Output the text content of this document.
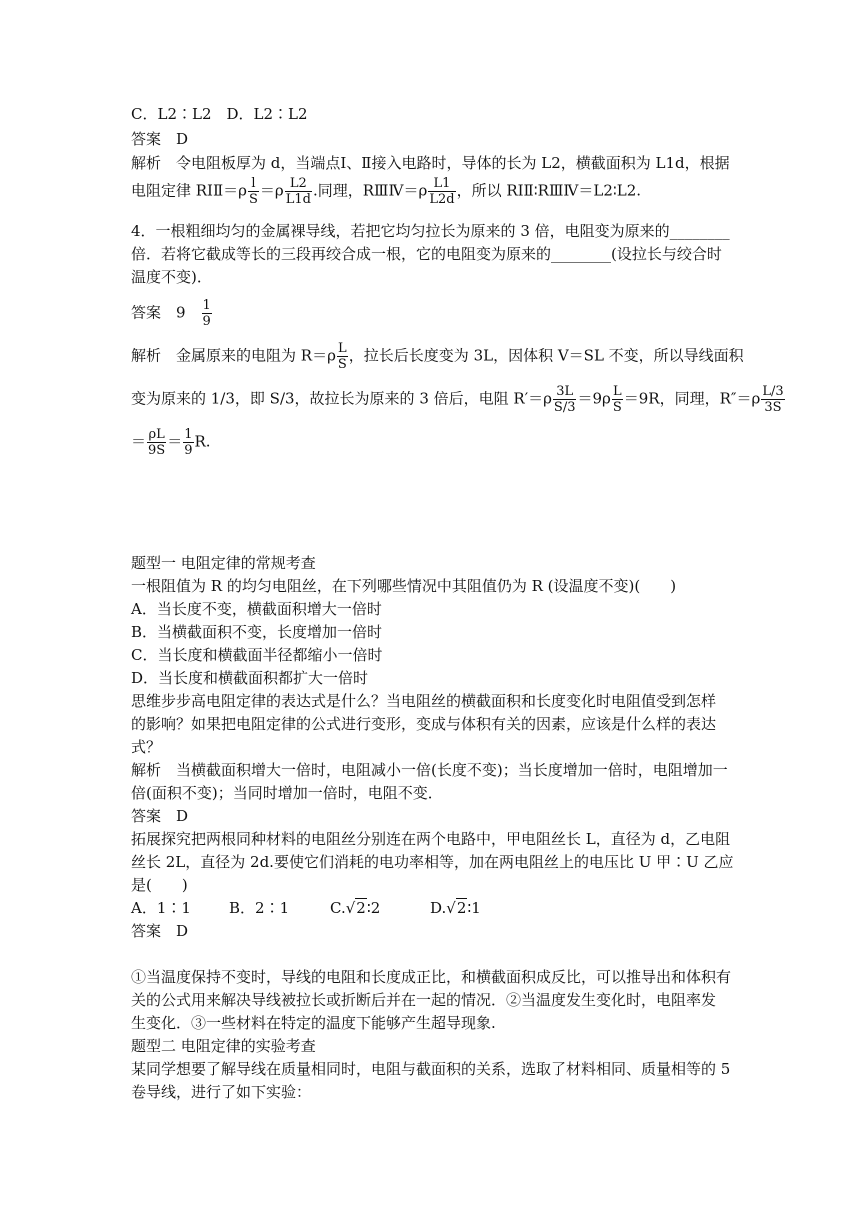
C．L2∶L2　D．L2∶L2
答案　D
解析　令电阻板厚为 d，当端点Ⅰ、Ⅱ接入电路时，导体的长为 L2，横截面积为 L1d，根据
电阻定律 RⅠⅡ＝ρ $\frac{l}{S} =\rho \frac{L2}{L1d}$ .同理，RⅢⅣ＝ρ $\frac{L1}{L2d}$ ，所以 RⅠⅡ∶RⅢⅣ＝L2∶L2.
4．一根粗细均匀的金属裸导线，若把它均匀拉长为原来的 3 倍，电阻变为原来的________
倍．若将它截成等长的三段再绞合成一根，它的电阻变为原来的________(设拉长与绞合时
温度不变)．
答案　9　 $\frac{1}{9}$
解析　金属原来的电阻为 $R=\rho \frac{L}{S}$ ，拉长后长度变为 3L，因体积 V＝SL 不变，所以导线面积
变为原来的 1/3，即 S/3，故拉长为原来的 3 倍后，电阻 $R'=\rho \frac{3L}{S/3} =9\rho \frac{L}{S} =9R$，同理，$R''=\rho \frac{L/3}{3S}$
＝ $\frac{\rho L}{9S} = \frac{1}{9} R$.
题型一 电阻定律的常规考查
一根阻值为 R 的均匀电阻丝，在下列哪些情况中其阻值仍为 R (设温度不变)(　　)
A．当长度不变，横截面积增大一倍时
B．当横截面积不变，长度增加一倍时
C．当长度和横截面半径都缩小一倍时
D．当长度和横截面积都扩大一倍时
思维步步高电阻定律的表达式是什么？当电阻丝的横截面积和长度变化时电阻值受到怎样
的影响？如果把电阻定律的公式进行变形，变成与体积有关的因素，应该是什么样的表达
式？
解析　当横截面积增大一倍时，电阻减小一倍(长度不变)；当长度增加一倍时，电阻增加一
倍(面积不变)；当同时增加一倍时，电阻不变．
答案　D
拓展探究把两根同种材料的电阻丝分别连在两个电路中，甲电阻丝长 L，直径为 d，乙电阻
丝长 2L，直径为 2d.要使它们消耗的电功率相等，加在两电阻丝上的电压比 U 甲∶U 乙应
是(　　)
A．1∶1	B．2∶1	C.√2∶2	D.√2∶1
答案　D
①当温度保持不变时，导线的电阻和长度成正比，和横截面积成反比，可以推导出和体积有
关的公式用来解决导线被拉长或折断后并在一起的情况．②当温度发生变化时，电阻率发
生变化．③一些材料在特定的温度下能够产生超导现象.
题型二 电阻定律的实验考查
某同学想要了解导线在质量相同时，电阻与截面积的关系，选取了材料相同、质量相等的 5
卷导线，进行了如下实验：
